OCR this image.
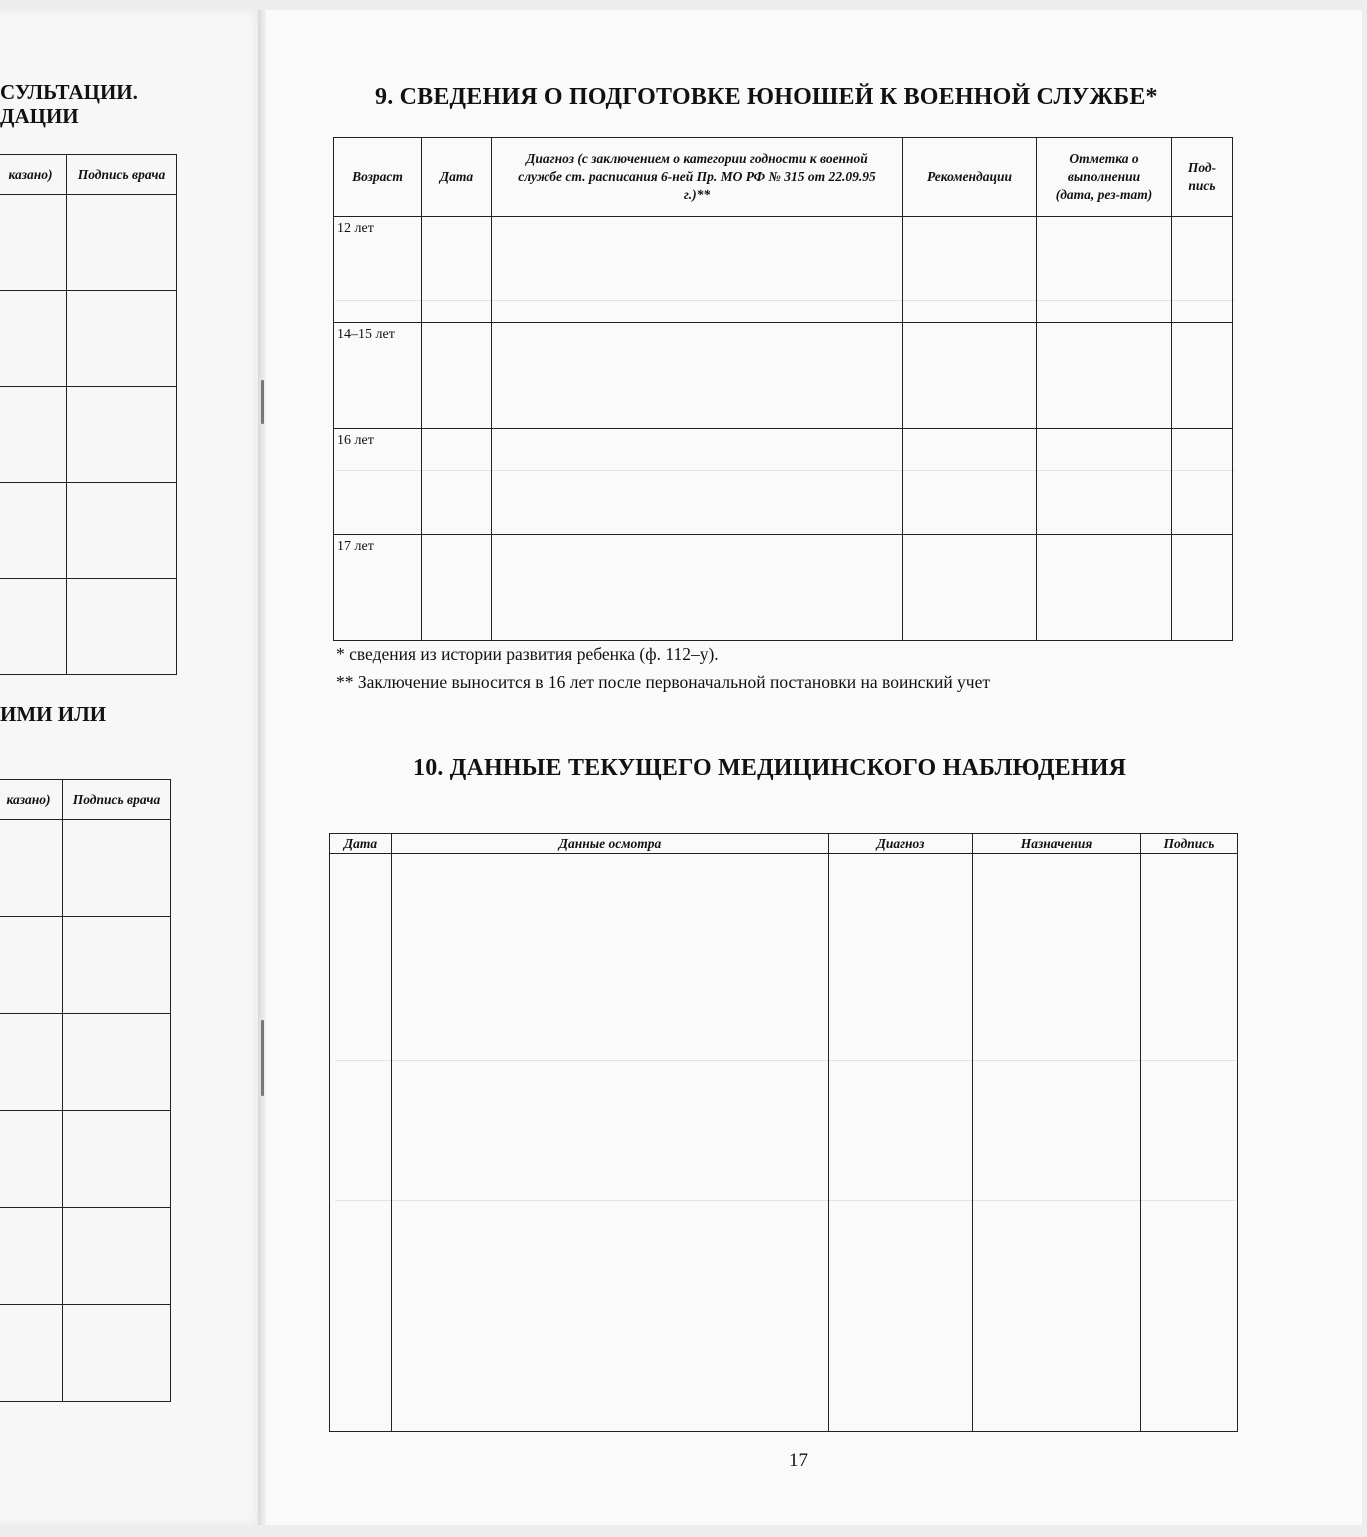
СУЛЬТАЦИИ.
ДАЦИИ
казано)	Подпись врача

ИМИ ИЛИ
казано)	Подпись врача

9. СВЕДЕНИЯ О ПОДГОТОВКЕ ЮНОШЕЙ К ВОЕННОЙ СЛУЖБЕ*
Возраст	Дата	Диагноз (с заключением о категории годности к военной службе ст. расписания 6-ней Пр. МО РФ № 315 от 22.09.95 г.)**	Рекомендации	Отметка о выполнении (дата, рез-тат)	Под-пись
12 лет					
14–15 лет					
16 лет					
17 лет					
* сведения из истории развития ребенка (ф. 112–у).
** Заключение выносится в 16 лет после первоначальной постановки на воинский учет
10. ДАННЫЕ ТЕКУЩЕГО МЕДИЦИНСКОГО НАБЛЮДЕНИЯ
Дата	Данные осмотра	Диагноз	Назначения	Подпись

17
